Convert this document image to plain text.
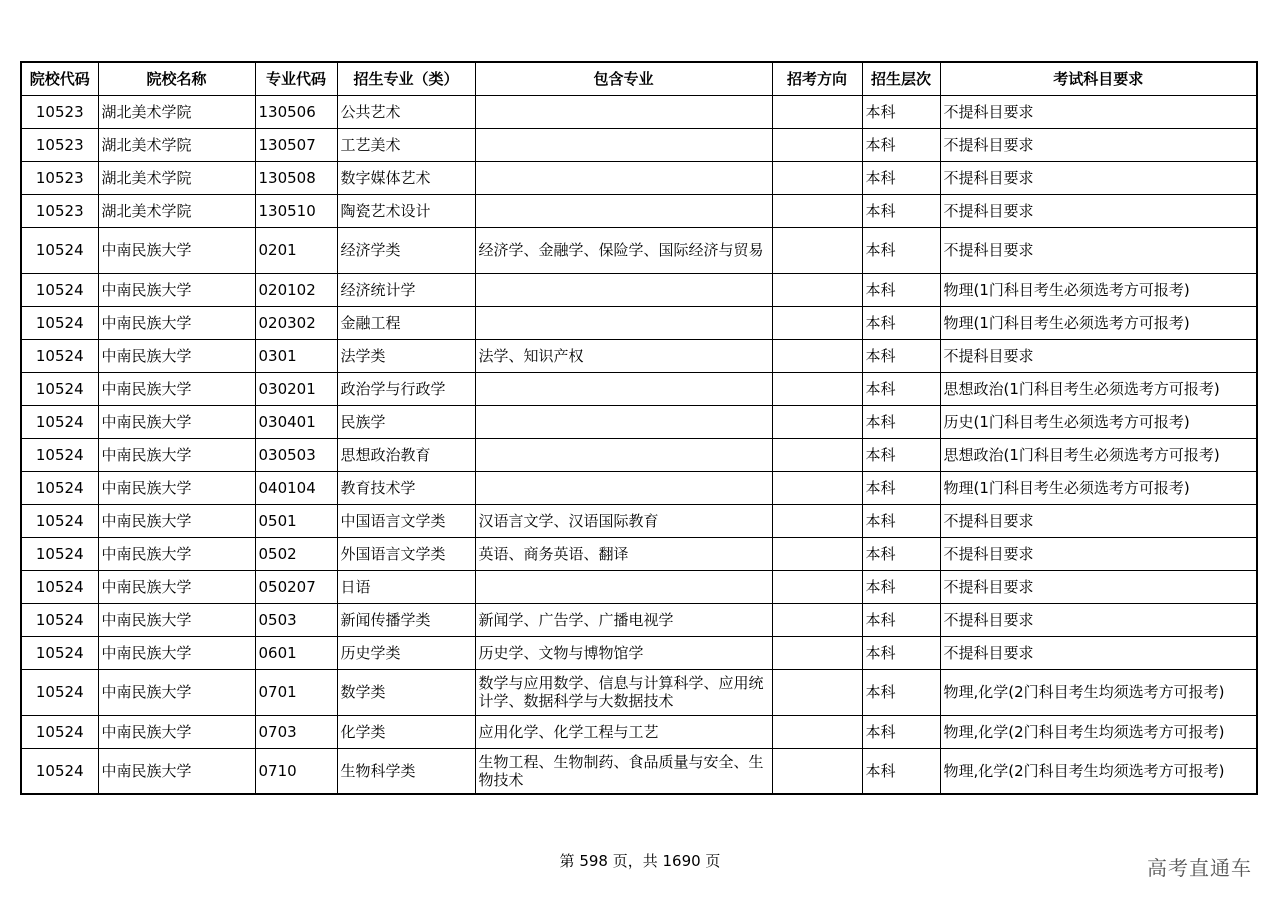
院校代码	院校名称	专业代码	招生专业（类）	包含专业	招考方向	招生层次	考试科目要求
10523	湖北美术学院	130506	公共艺术			本科	不提科目要求
10523	湖北美术学院	130507	工艺美术			本科	不提科目要求
10523	湖北美术学院	130508	数字媒体艺术			本科	不提科目要求
10523	湖北美术学院	130510	陶瓷艺术设计			本科	不提科目要求
10524	中南民族大学	0201	经济学类	经济学、金融学、保险学、国际经济与贸易		本科	不提科目要求
10524	中南民族大学	020102	经济统计学			本科	物理(1门科目考生必须选考方可报考)
10524	中南民族大学	020302	金融工程			本科	物理(1门科目考生必须选考方可报考)
10524	中南民族大学	0301	法学类	法学、知识产权		本科	不提科目要求
10524	中南民族大学	030201	政治学与行政学			本科	思想政治(1门科目考生必须选考方可报考)
10524	中南民族大学	030401	民族学			本科	历史(1门科目考生必须选考方可报考)
10524	中南民族大学	030503	思想政治教育			本科	思想政治(1门科目考生必须选考方可报考)
10524	中南民族大学	040104	教育技术学			本科	物理(1门科目考生必须选考方可报考)
10524	中南民族大学	0501	中国语言文学类	汉语言文学、汉语国际教育		本科	不提科目要求
10524	中南民族大学	0502	外国语言文学类	英语、商务英语、翻译		本科	不提科目要求
10524	中南民族大学	050207	日语			本科	不提科目要求
10524	中南民族大学	0503	新闻传播学类	新闻学、广告学、广播电视学		本科	不提科目要求
10524	中南民族大学	0601	历史学类	历史学、文物与博物馆学		本科	不提科目要求
10524	中南民族大学	0701	数学类	数学与应用数学、信息与计算科学、应用统计学、数据科学与大数据技术		本科	物理,化学(2门科目考生均须选考方可报考)
10524	中南民族大学	0703	化学类	应用化学、化学工程与工艺		本科	物理,化学(2门科目考生均须选考方可报考)
10524	中南民族大学	0710	生物科学类	生物工程、生物制药、食品质量与安全、生物技术		本科	物理,化学(2门科目考生均须选考方可报考)
第 598 页，共 1690 页	高考直通车
